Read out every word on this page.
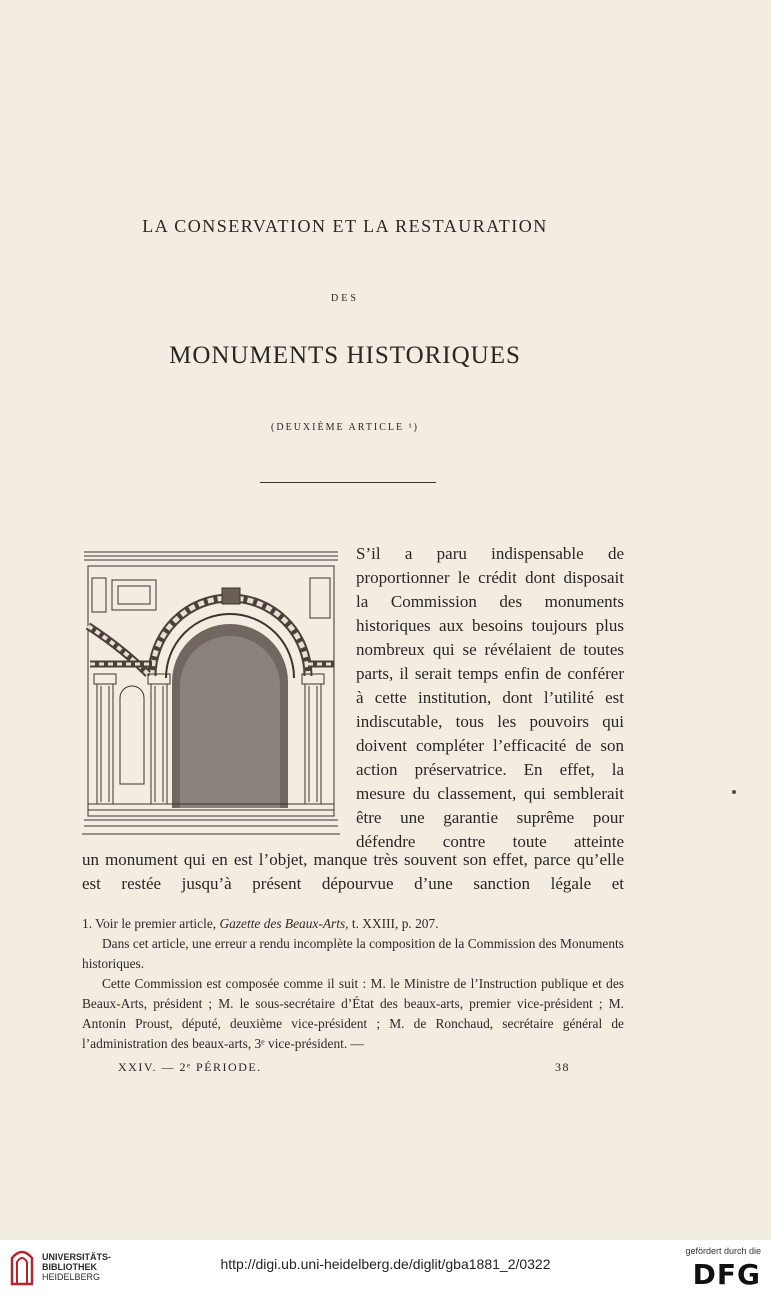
LA CONSERVATION ET LA RESTAURATION
DES
MONUMENTS HISTORIQUES
(DEUXIÈME ARTICLE ¹)

S’il a paru indispensable de proportionner le crédit dont disposait la Commission des monuments historiques aux besoins toujours plus nombreux qui se révélaient de toutes parts, il serait temps enfin de conférer à cette institution, dont l’utilité est indiscutable, tous les pouvoirs qui doivent compléter l’efficacité de son action préservatrice. En effet, la mesure du classement, qui semblerait être une garantie suprême pour défendre contre toute atteinte

un monument qui en est l’objet, manque très souvent son effet, parce qu’elle est restée jusqu’à présent dépourvue d’une sanction légale et

1. Voir le premier article, Gazette des Beaux-Arts, t. XXIII, p. 207.

Dans cet article, une erreur a rendu incomplète la composition de la Commission des Monuments historiques.

Cette Commission est composée comme il suit : M. le Ministre de l’Instruction publique et des Beaux-Arts, président ; M. le sous-secrétaire d’État des beaux-arts, premier vice-président ; M. Antonin Proust, député, deuxième vice-président ; M. de Ronchaud, secrétaire général de l’administration des beaux-arts, 3ᵉ vice-président. —

XXIV. — 2ᵉ PÉRIODE.	38
UNIVERSITÄTS-
BIBLIOTHEK
HEIDELBERG
http://digi.ub.uni-heidelberg.de/diglit/gba1881_2/0322
gefördert durch die
DFG
